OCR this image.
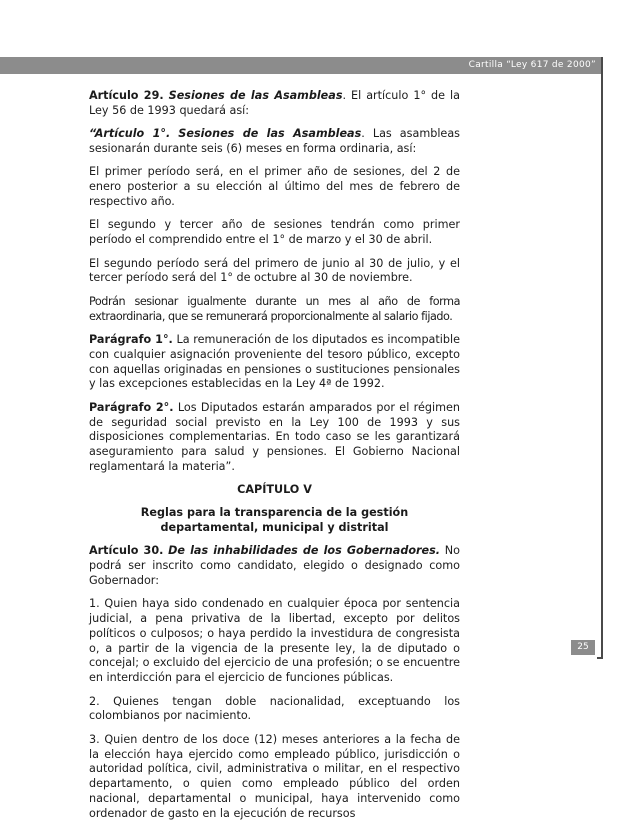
Cartilla “Ley 617 de 2000”
25

Artículo 29. Sesiones de las Asambleas. El artículo 1° de la Ley 56 de 1993 quedará así:

“Artículo 1°. Sesiones de las Asambleas. Las asambleas sesionarán durante seis (6) meses en forma ordinaria, así:

El primer período será, en el primer año de sesiones, del 2 de enero posterior a su elección al último del mes de febrero de respectivo año.

El segundo y tercer año de sesiones tendrán como primer período el comprendido entre el 1° de marzo y el 30 de abril.

El segundo período será del primero de junio al 30 de julio, y el tercer período será del 1° de octubre al 30 de noviembre.

Podrán sesionar igualmente durante un mes al año de forma extraordinaria, que se remunerará proporcionalmente al salario fijado.

Parágrafo 1°. La remuneración de los diputados es incompatible con cualquier asignación proveniente del tesoro público, excepto con aquellas originadas en pensiones o sustituciones pensionales y las excepciones establecidas en la Ley 4ª de 1992.

Parágrafo 2°. Los Diputados estarán amparados por el régimen de seguridad social previsto en la Ley 100 de 1993 y sus disposiciones complementarias. En todo caso se les garantizará aseguramiento para salud y pensiones. El Gobierno Nacional reglamentará la materia”.

CAPÍTULO V
Reglas para la transparencia de la gestión departamental, municipal y distrital

Artículo 30. De las inhabilidades de los Gobernadores. No podrá ser inscrito como candidato, elegido o designado como Gobernador:

1. Quien haya sido condenado en cualquier época por sentencia judicial, a pena privativa de la libertad, excepto por delitos políticos o culposos; o haya perdido la investidura de congresista o, a partir de la vigencia de la presente ley, la de diputado o concejal; o excluido del ejercicio de una profesión; o se encuentre en interdicción para el ejercicio de funciones públicas.

2. Quienes tengan doble nacionalidad, exceptuando los colombianos por nacimiento.

3. Quien dentro de los doce (12) meses anteriores a la fecha de la elección haya ejercido como empleado público, jurisdicción o autoridad política, civil, administrativa o militar, en el respectivo departamento, o quien como empleado público del orden nacional, departamental o municipal, haya intervenido como ordenador de gasto en la ejecución de recursos
